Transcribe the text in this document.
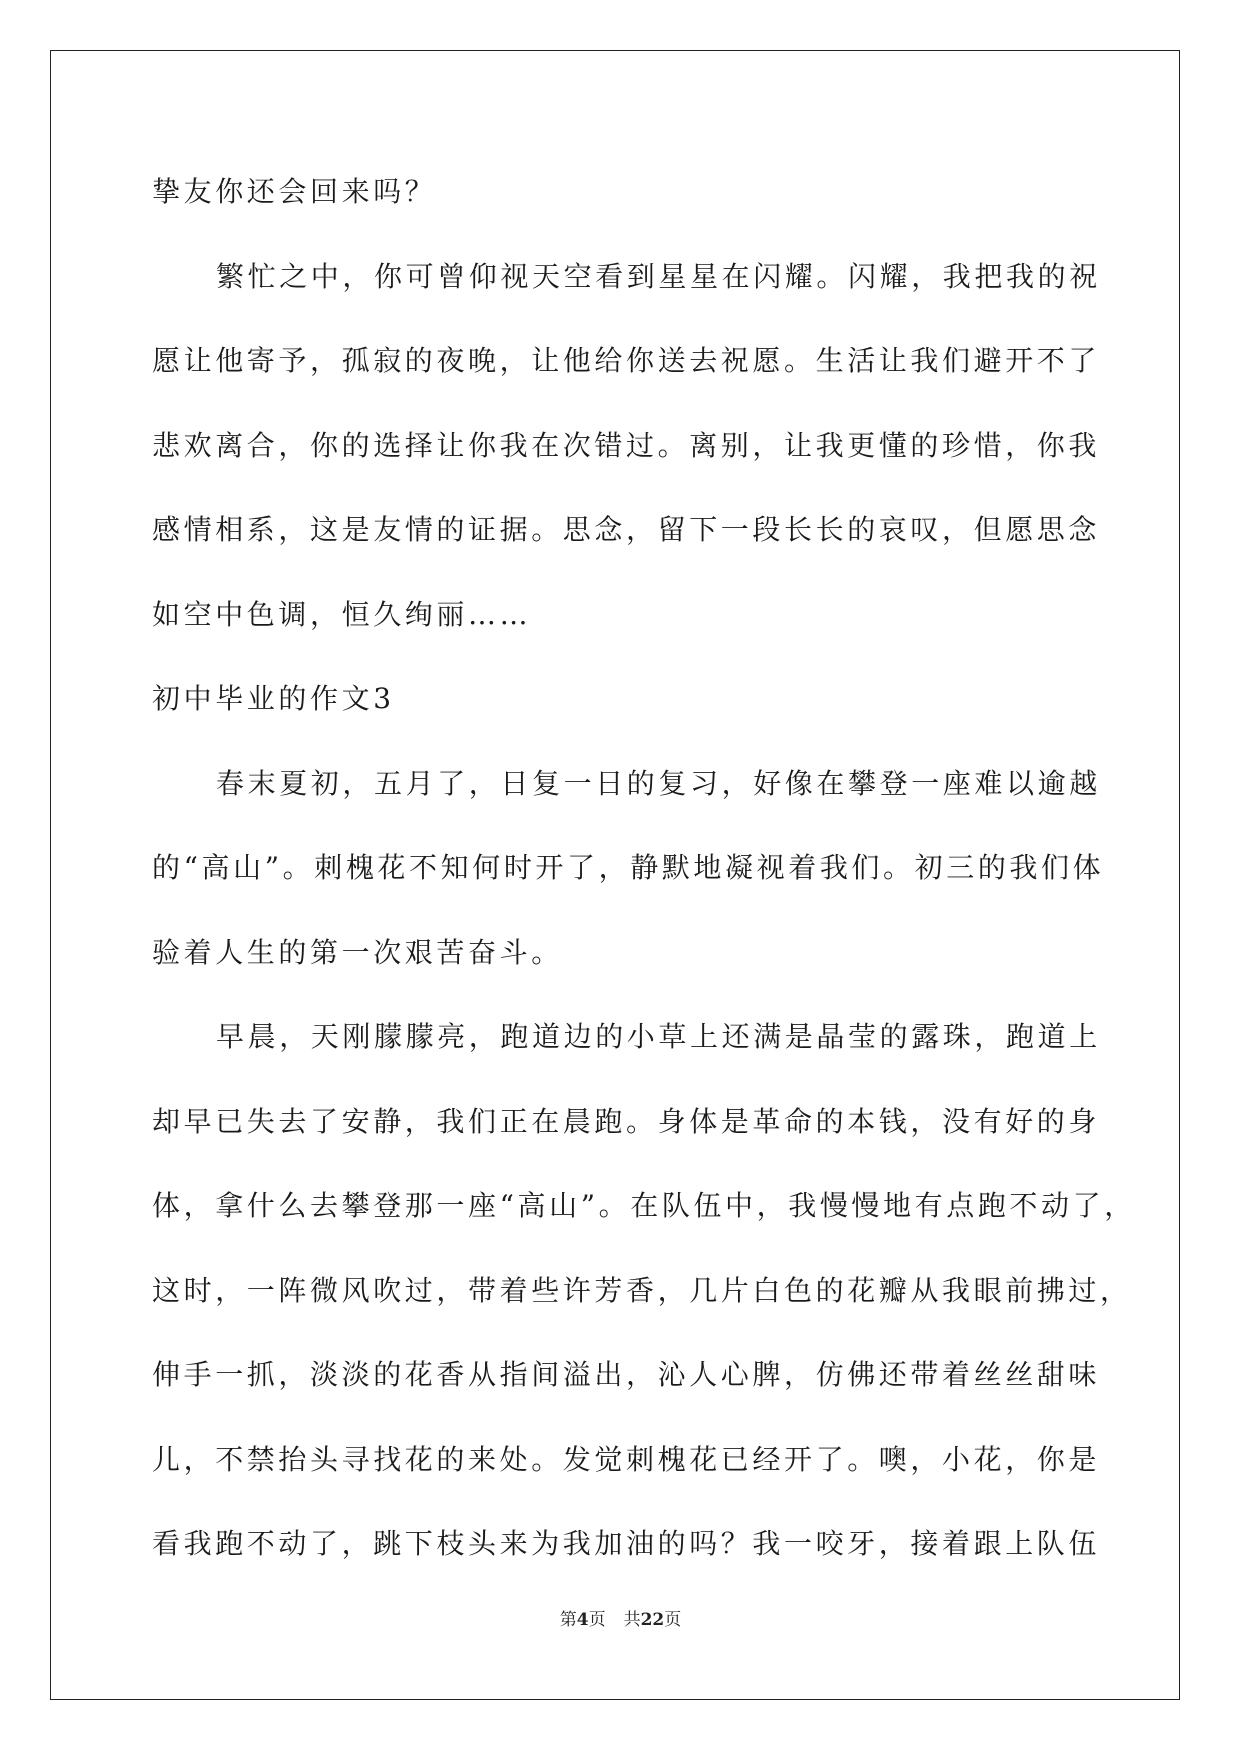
挚友你还会回来吗？
繁忙之中，你可曾仰视天空看到星星在闪耀。闪耀，我把我的祝
愿让他寄予，孤寂的夜晚，让他给你送去祝愿。生活让我们避开不了
悲欢离合，你的选择让你我在次错过。离别，让我更懂的珍惜，你我
感情相系，这是友情的证据。思念，留下一段长长的哀叹，但愿思念
如空中色调，恒久绚丽……
初中毕业的作文3
春末夏初，五月了，日复一日的复习，好像在攀登一座难以逾越
的“高山”。刺槐花不知何时开了，静默地凝视着我们。初三的我们体
验着人生的第一次艰苦奋斗。
早晨，天刚朦朦亮，跑道边的小草上还满是晶莹的露珠，跑道上
却早已失去了安静，我们正在晨跑。身体是革命的本钱，没有好的身
体，拿什么去攀登那一座“高山”。在队伍中，我慢慢地有点跑不动了，
这时，一阵微风吹过，带着些许芳香，几片白色的花瓣从我眼前拂过，
伸手一抓，淡淡的花香从指间溢出，沁人心脾，仿佛还带着丝丝甜味
儿，不禁抬头寻找花的来处。发觉刺槐花已经开了。噢，小花，你是
看我跑不动了，跳下枝头来为我加油的吗？我一咬牙，接着跟上队伍
第4页 共22页
